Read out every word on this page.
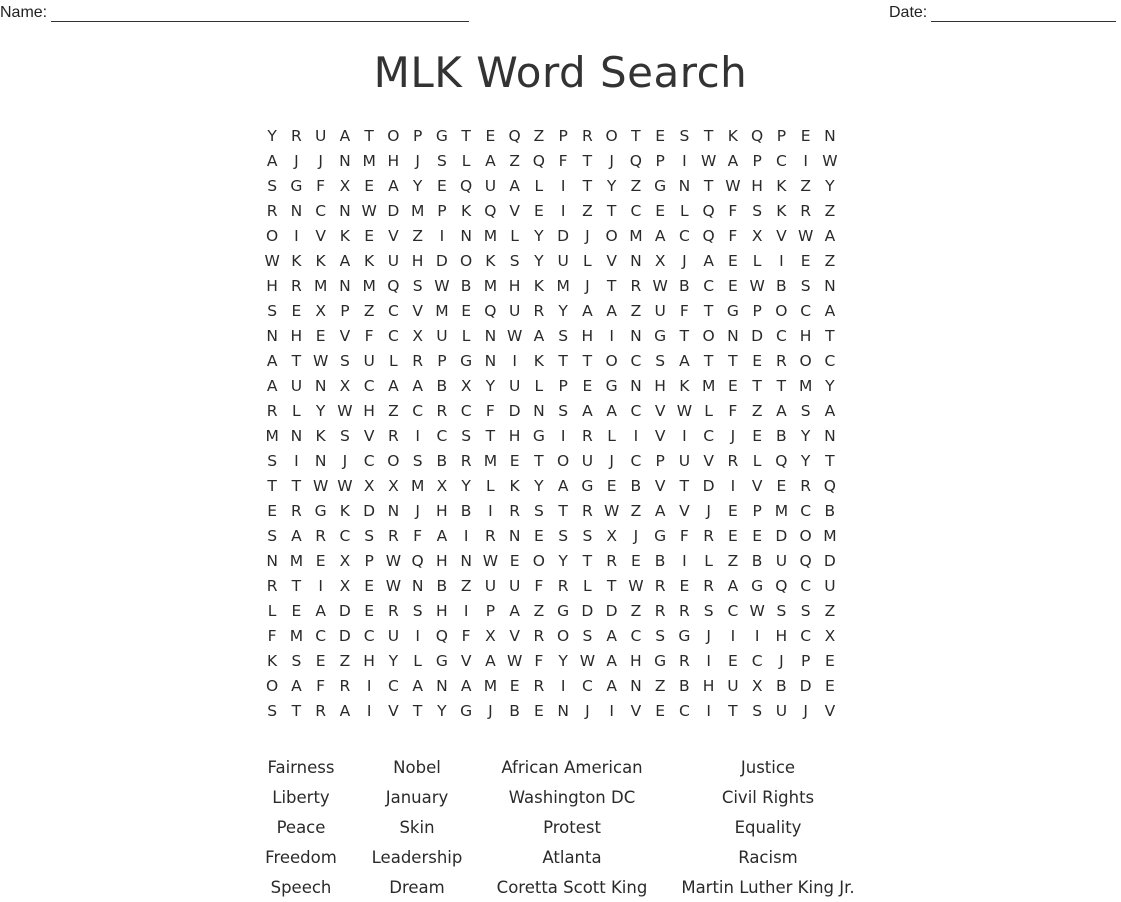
Name:	Date:
MLK Word Search
Y R U A T O P G T E Q Z P R O T E S T K Q P E N
A	J	J	N M H	J	S L A Z Q F T	J	Q P	I W A P C	I W
S G F X E A Y E Q U A L	I	T Y Z G N T W H K Z Y
R N C N W D M P K Q V E	I	Z T C E L Q F S K R Z
O	I	V K E V Z	I	N M L Y D	J	O M A C Q F X V W A
W K K A K U H D O K S Y U L V N X	J	A E L	I	E Z
H R M N M Q S W B M H K M J	T R W B C E W B S N
S E X P Z C V M E Q U R Y A A Z U F T G P O C A
N H E V F C X U L N W A S H	I	N G T O N D C H T
A T W S U L R P G N	I	K T T O C S A T T E R O C
A U N X C A A B X Y U L P E G N H K M E T T M Y
R L Y W H Z C R C F D N S A A C V W L F Z A S A
M N K S V R	I	C S T H G	I	R L	I	V	I	C	J	E B Y N
S	I	N	J	C O S B R M E T O U	J	C P U V R L Q Y T
T T W W X X M X Y L K Y A G E B V T D	I	V E R Q
E R G K D N	J	H B	I	R S T R W Z A V	J	E P M C B
S A R C S R F A	I	R N E S S X	J	G F R E E D O M
N M E X P W Q H N W E O Y T R E B	I	L Z B U Q D
R T	I	X E W N B Z U U F R L T W R E R A G Q C U
L E A D E R S H	I	P A Z G D D Z R R S C W S S Z
F M C D C U	I	Q F X V R O S A C S G	J	I	I	H C X
K S E Z H Y L G V A W F Y W A H G R	I	E C	J	P E
O A F R	I	C A N A M E R	I	C A N Z B H U X B D E
S T R A	I	V T Y G	J	B E N	J	I	V E C	I	T S U	J	V
Fairness	Nobel	African American	Justice
Liberty	January	Washington DC	Civil Rights
Peace	Skin	Protest	Equality
Freedom	Leadership	Atlanta	Racism
Speech	Dream	Coretta Scott King	Martin Luther King Jr.
